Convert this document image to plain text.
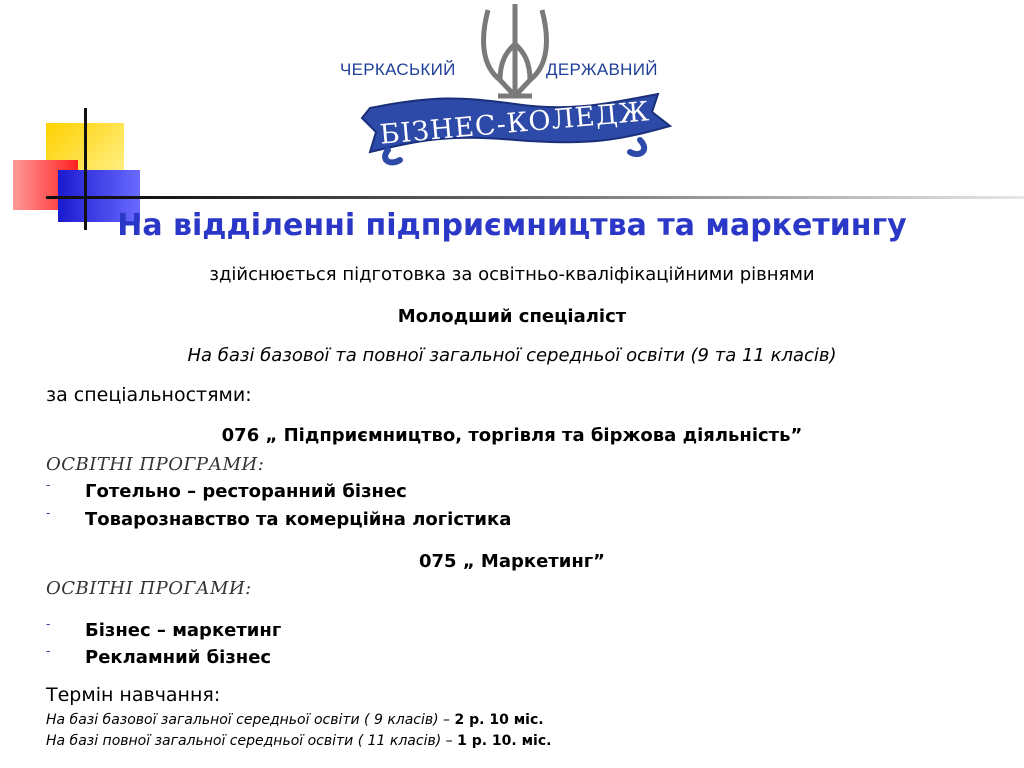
БІЗНЕС-КОЛЕДЖ
ЧЕРКАСЬКИЙ	ДЕРЖАВНИЙ
На відділенні підприємництва та маркетингу
здійснюється підготовка за освітньо-кваліфікаційними рівнями
Молодший спеціаліст
На базі базової та повної загальної середньої освіти (9 та 11 класів)
за спеціальностями:
076 „ Підприємництво, торгівля та біржова діяльність”
ОСВІТНІ ПРОГРАМИ:
- Готельно – ресторанний бізнес
- Товарознавство та комерційна логістика
075 „ Маркетинг”
ОСВІТНІ ПРОГАМИ:
- Бізнес – маркетинг
- Рекламний бізнес
Термін навчання:
На базі базової загальної середньої освіти ( 9 класів) – 2 р. 10 міс.
На базі повної загальної середньої освіти ( 11 класів) – 1 р. 10. міс.
